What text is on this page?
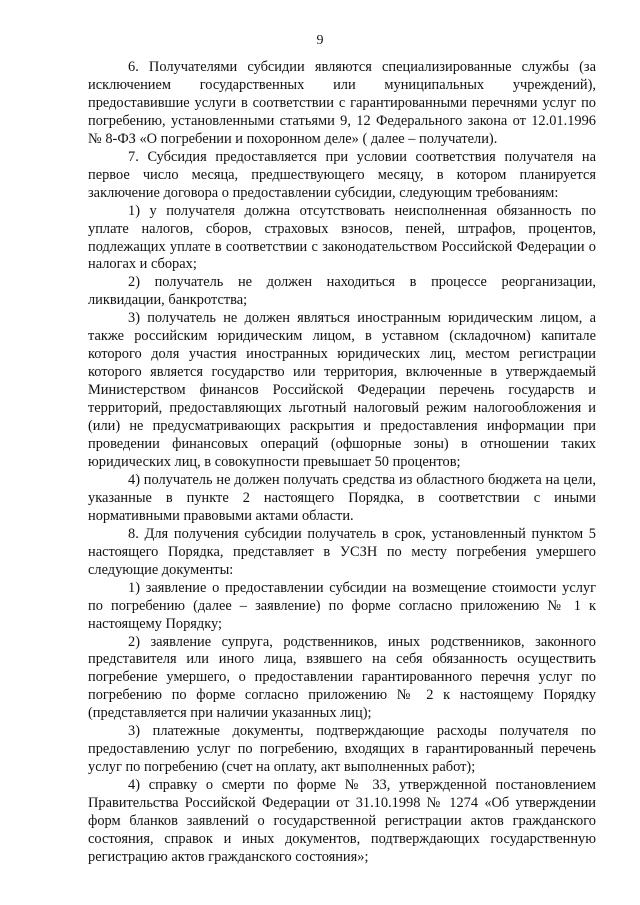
9

6. Получателями субсидии являются специализированные службы (за исключением государственных или муниципальных учреждений), предоставившие услуги в соответствии с гарантированными перечнями услуг по погребению, установленными статьями 9, 12 Федерального закона от 12.01.1996 № 8-ФЗ «О погребении и похоронном деле» ( далее – получатели).

7. Субсидия предоставляется при условии соответствия получателя на первое число месяца, предшествующего месяцу, в котором планируется заключение договора о предоставлении субсидии, следующим требованиям:

1) у получателя должна отсутствовать неисполненная обязанность по уплате налогов, сборов, страховых взносов, пеней, штрафов, процентов, подлежащих уплате в соответствии с законодательством Российской Федерации о налогах и сборах;

2) получатель не должен находиться в процессе реорганизации, ликвидации, банкротства;

3) получатель не должен являться иностранным юридическим лицом, а также российским юридическим лицом, в уставном (складочном) капитале которого доля участия иностранных юридических лиц, местом регистрации которого является государство или территория, включенные в утверждаемый Министерством финансов Российской Федерации перечень государств и территорий, предоставляющих льготный налоговый режим налогообложения и (или) не предусматривающих раскрытия и предоставления информации при проведении финансовых операций (офшорные зоны) в отношении таких юридических лиц, в совокупности превышает 50 процентов;

4) получатель не должен получать средства из областного бюджета на цели, указанные в пункте 2 настоящего Порядка, в соответствии с иными нормативными правовыми актами области.

8. Для получения субсидии получатель в срок, установленный пунктом 5 настоящего Порядка, представляет в УСЗН по месту погребения умершего следующие документы:

1) заявление о предоставлении субсидии на возмещение стоимости услуг по погребению (далее – заявление) по форме согласно приложению № 1 к настоящему Порядку;

2) заявление супруга, родственников, иных родственников, законного представителя или иного лица, взявшего на себя обязанность осуществить погребение умершего, о предоставлении гарантированного перечня услуг по погребению по форме согласно приложению № 2 к настоящему Порядку (представляется при наличии указанных лиц);

3) платежные документы, подтверждающие расходы получателя по предоставлению услуг по погребению, входящих в гарантированный перечень услуг по погребению (счет на оплату, акт выполненных работ);

4) справку о смерти по форме № 33, утвержденной постановлением Правительства Российской Федерации от 31.10.1998 № 1274 «Об утверждении форм бланков заявлений о государственной регистрации актов гражданского состояния, справок и иных документов, подтверждающих государственную регистрацию актов гражданского состояния»;
